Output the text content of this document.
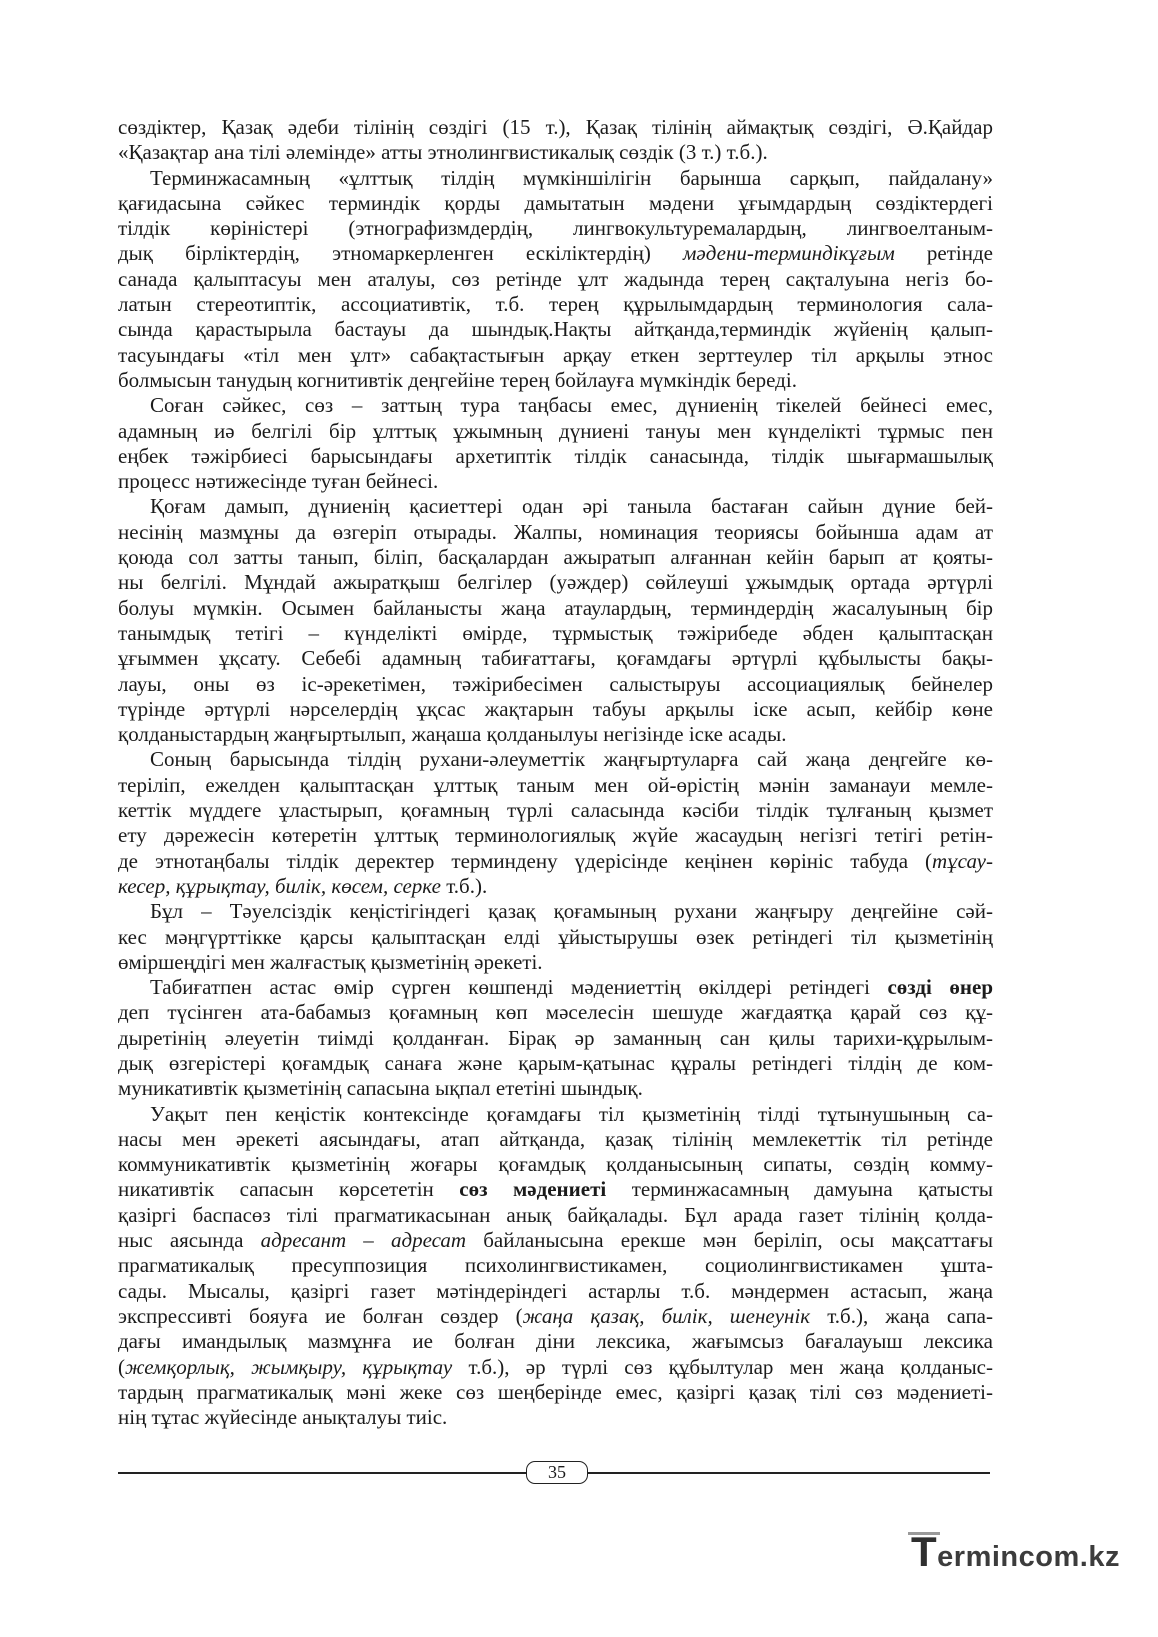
сөздіктер, Қазақ әдеби тілінің сөздігі (15 т.), Қазақ тілінің аймақтық сөздігі, Ә.Қайдар
«Қазақтар ана тілі әлемінде» атты этнолингвистикалық сөздік (3 т.) т.б.).
Терминжасамның «ұлттық тілдің мүмкіншілігін барынша сарқып, пайдалану»
қағидасына сәйкес терминдік қорды дамытатын мәдени ұғымдардың сөздіктердегі
тілдік көріністері (этнографизмдердің, лингвокультуремалардың, лингвоелтаным-
дық бірліктердің, этномаркерленген ескіліктердің) мәдени-терминдікұғым ретінде
санада қалыптасуы мен аталуы, сөз ретінде ұлт жадында терең сақталуына негіз бо-
латын стереотиптік, ассоциативтік, т.б. терең құрылымдардың терминология сала-
сында қарастырыла бастауы да шындық.Нақты айтқанда,терминдік жүйенің қалып-
тасуындағы «тіл мен ұлт» сабақтастығын арқау еткен зерттеулер тіл арқылы этнос
болмысын танудың когнитивтік деңгейіне терең бойлауға мүмкіндік береді.
Соған сәйкес, сөз – заттың тура таңбасы емес, дүниенің тікелей бейнесі емес,
адамның иә белгілі бір ұлттық ұжымның дүниені тануы мен күнделікті тұрмыс пен
еңбек тәжірбиесі барысындағы архетиптік тілдік санасында, тілдік шығармашылық
процесс нәтижесінде туған бейнесі.
Қоғам дамып, дүниенің қасиеттері одан әрі таныла бастаған сайын дүние бей-
несінің мазмұны да өзгеріп отырады. Жалпы, номинация теориясы бойынша адам ат
қоюда сол затты танып, біліп, басқалардан ажыратып алғаннан кейін барып ат қояты-
ны белгілі. Мұндай ажыратқыш белгілер (уәждер) сөйлеуші ұжымдық ортада әртүрлі
болуы мүмкін. Осымен байланысты жаңа атаулардың, терминдердің жасалуының бір
танымдық тетігі – күнделікті өмірде, тұрмыстық тәжірибеде әбден қалыптасқан
ұғыммен ұқсату. Себебі адамның табиғаттағы, қоғамдағы әртүрлі құбылысты бақы-
лауы, оны өз іс-әрекетімен, тәжірибесімен салыстыруы ассоциациялық бейнелер
түрінде әртүрлі нәрселердің ұқсас жақтарын табуы арқылы іске асып, кейбір көне
қолданыстардың жаңғыртылып, жаңаша қолданылуы негізінде іске асады.
Соның барысында тілдің рухани-әлеуметтік жаңғыртуларға сай жаңа деңгейге кө-
теріліп, ежелден қалыптасқан ұлттық таным мен ой-өрістің мәнін заманауи мемле-
кеттік мүддеге ұластырып, қоғамның түрлі саласында кәсіби тілдік тұлғаның қызмет
ету дәрежесін көтеретін ұлттық терминологиялық жүйе жасаудың негізгі тетігі ретін-
де этнотаңбалы тілдік деректер терминдену үдерісінде кеңінен көрініс табуда (тұсау-
кесер, құрықтау, билік, көсем, серке т.б.).
Бұл – Тәуелсіздік кеңістігіндегі қазақ қоғамының рухани жаңғыру деңгейіне сәй-
кес мәңгүрттікке қарсы қалыптасқан елді ұйыстырушы өзек ретіндегі тіл қызметінің
өміршеңдігі мен жалғастық қызметінің әрекеті.
Табиғатпен астас өмір сүрген көшпенді мәдениеттің өкілдері ретіндегі сөзді өнер
деп түсінген ата-бабамыз қоғамның көп мәселесін шешуде жағдаятқа қарай сөз құ-
дыретінің әлеуетін тиімді қолданған. Бірақ әр заманның сан қилы тарихи-құрылым-
дық өзгерістері қоғамдық санаға және қарым-қатынас құралы ретіндегі тілдің де ком-
муникативтік қызметінің сапасына ықпал ететіні шындық.
Уақыт пен кеңістік контексінде қоғамдағы тіл қызметінің тілді тұтынушының са-
насы мен әрекеті аясындағы, атап айтқанда, қазақ тілінің мемлекеттік тіл ретінде
коммуникативтік қызметінің жоғары қоғамдық қолданысының сипаты, сөздің комму-
никативтік сапасын көрсететін сөз мәдениеті терминжасамның дамуына қатысты
қазіргі баспасөз тілі прагматикасынан анық байқалады. Бұл арада газет тілінің қолда-
ныс аясында адресант – адресат байланысына ерекше мән беріліп, осы мақсаттағы
прагматикалық пресуппозиция психолингвистикамен, социолингвистикамен ұшта-
сады. Мысалы, қазіргі газет мәтіндеріндегі астарлы т.б. мәндермен астасып, жаңа
экспрессивті бояуға ие болған сөздер (жаңа қазақ, билік, шенеунік т.б.), жаңа сапа-
дағы имандылық мазмұнға ие болған діни лексика, жағымсыз бағалауыш лексика
(жемқорлық, жымқыру, құрықтау т.б.), әр түрлі сөз құбылтулар мен жаңа қолданыс-
тардың прагматикалық мәні жеке сөз шеңберінде емес, қазіргі қазақ тілі сөз мәдениеті-
нің тұтас жүйесінде анықталуы тиіс.
35
Termincom.kz
